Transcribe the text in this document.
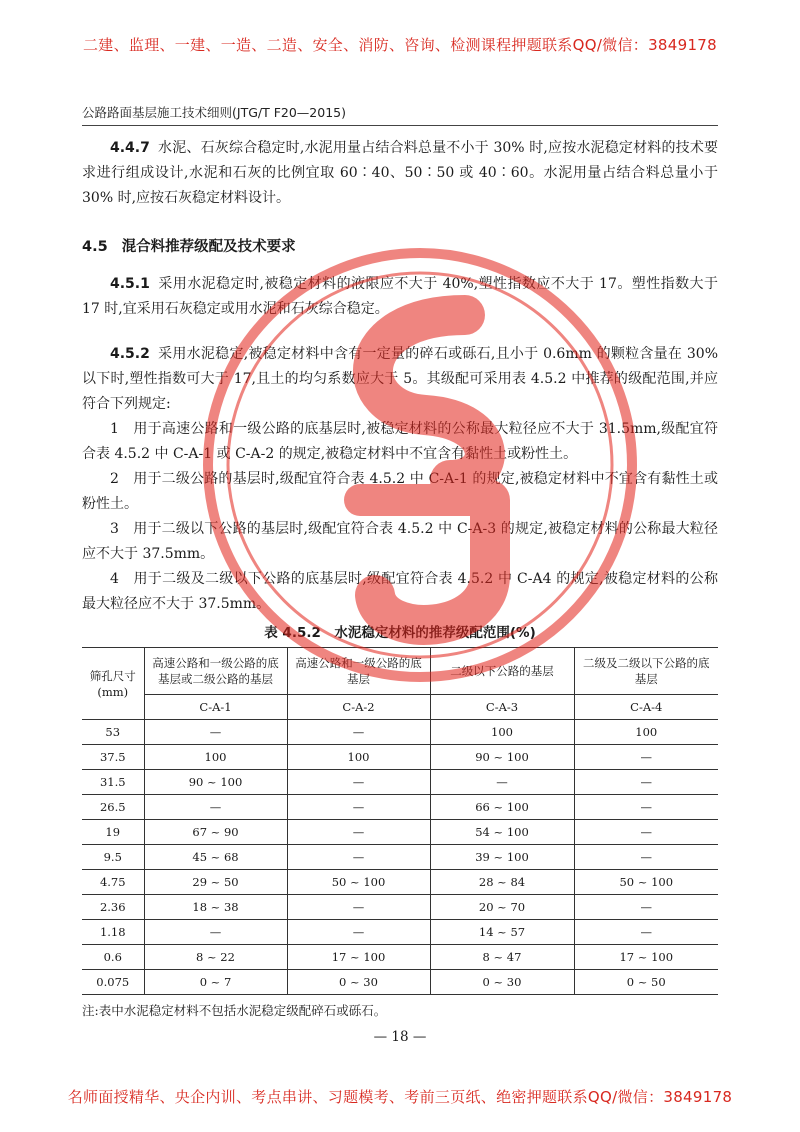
二建、监理、一建、一造、二造、安全、消防、咨询、检测课程押题联系QQ/微信：3849178
公路路面基层施工技术细则(JTG/T F20—2015)

4.4.7 水泥、石灰综合稳定时,水泥用量占结合料总量不小于 30% 时,应按水泥稳定材料的技术要求进行组成设计,水泥和石灰的比例宜取 60∶40、50∶50 或 40∶60。水泥用量占结合料总量小于 30% 时,应按石灰稳定材料设计。

4.5 混合料推荐级配及技术要求

4.5.1 采用水泥稳定时,被稳定材料的液限应不大于 40%,塑性指数应不大于 17。塑性指数大于 17 时,宜采用石灰稳定或用水泥和石灰综合稳定。

4.5.2 采用水泥稳定,被稳定材料中含有一定量的碎石或砾石,且小于 0.6mm 的颗粒含量在 30% 以下时,塑性指数可大于 17,且土的均匀系数应大于 5。其级配可采用表 4.5.2 中推荐的级配范围,并应符合下列规定:

1　用于高速公路和一级公路的底基层时,被稳定材料的公称最大粒径应不大于 31.5mm,级配宜符合表 4.5.2 中 C-A-1 或 C-A-2 的规定,被稳定材料中不宜含有黏性土或粉性土。

2　用于二级公路的基层时,级配宜符合表 4.5.2 中 C-A-1 的规定,被稳定材料中不宜含有黏性土或粉性土。

3　用于二级以下公路的基层时,级配宜符合表 4.5.2 中 C-A-3 的规定,被稳定材料的公称最大粒径应不大于 37.5mm。

4　用于二级及二级以下公路的底基层时,级配宜符合表 4.5.2 中 C-A4 的规定,被稳定材料的公称最大粒径应不大于 37.5mm。

表 4.5.2　水泥稳定材料的推荐级配范围(%)
筛孔尺寸(mm)	高速公路和一级公路的底基层或二级公路的基层	高速公路和一级公路的底基层	二级以下公路的基层	二级及二级以下公路的底基层
	C-A-1	C-A-2	C-A-3	C-A-4
53	—	—	100	100
37.5	100	100	90 ~ 100	—
31.5	90 ~ 100	—	—	—
26.5	—	—	66 ~ 100	—
19	67 ~ 90	—	54 ~ 100	—
9.5	45 ~ 68	—	39 ~ 100	—
4.75	29 ~ 50	50 ~ 100	28 ~ 84	50 ~ 100
2.36	18 ~ 38	—	20 ~ 70	—
1.18	—	—	14 ~ 57	—
0.6	8 ~ 22	17 ~ 100	8 ~ 47	17 ~ 100
0.075	0 ~ 7	0 ~ 30	0 ~ 30	0 ~ 50
注:表中水泥稳定材料不包括水泥稳定级配碎石或砾石。
— 18 —
名师面授精华、央企内训、考点串讲、习题模考、考前三页纸、绝密押题联系QQ/微信：3849178
